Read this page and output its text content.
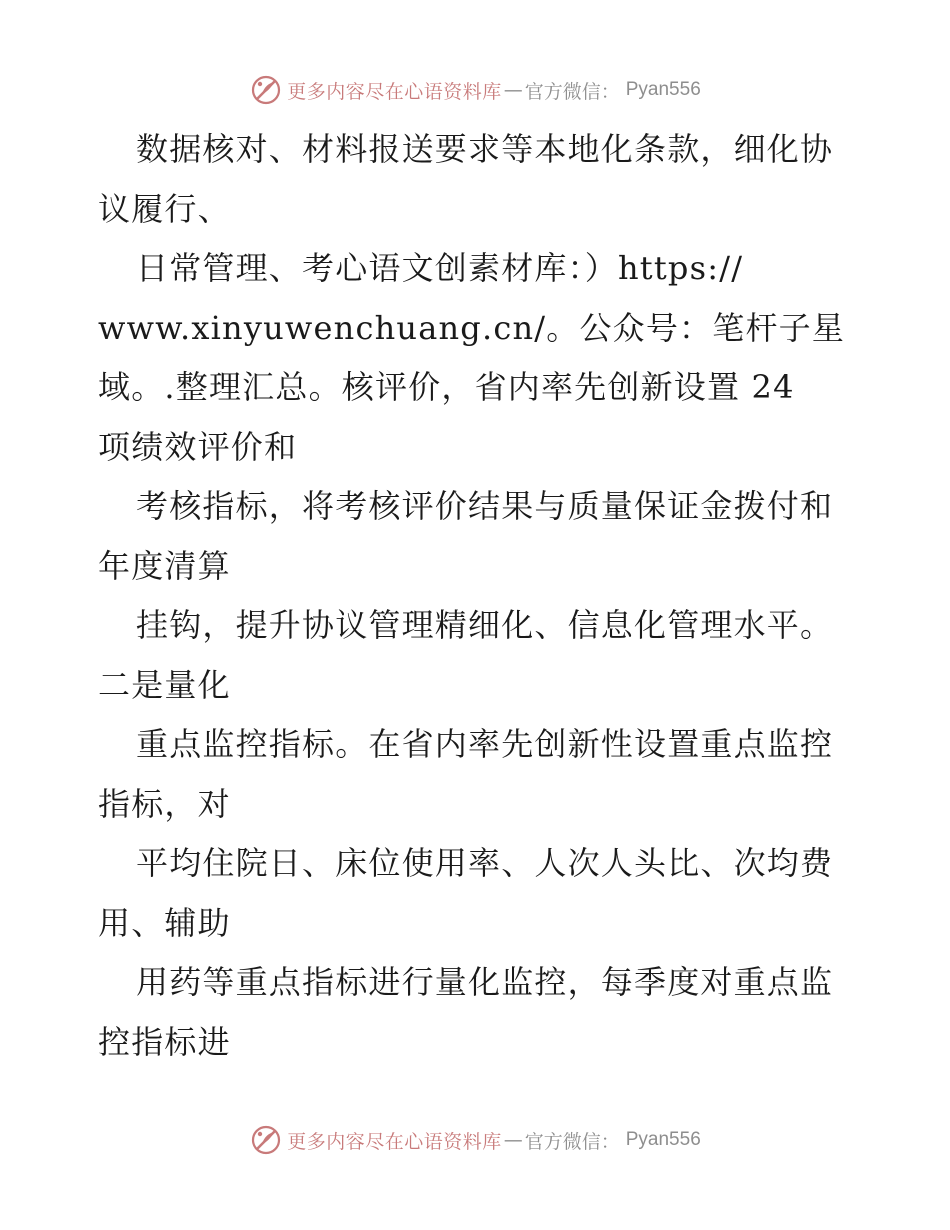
更多内容尽在心语资料库 — 官方微信： Pyan556
数据核对、材料报送要求等本地化条款，细化协
议履行、
日常管理、考心语文创素材库：）https://
www.xinyuwenchuang.cn/。公众号：笔杆子星
域。.整理汇总。核评价，省内率先创新设置 24
项绩效评价和
考核指标，将考核评价结果与质量保证金拨付和
年度清算
挂钩，提升协议管理精细化、信息化管理水平。
二是量化
重点监控指标。在省内率先创新性设置重点监控
指标，对
平均住院日、床位使用率、人次人头比、次均费
用、辅助
用药等重点指标进行量化监控，每季度对重点监
控指标进
更多内容尽在心语资料库 — 官方微信： Pyan556
